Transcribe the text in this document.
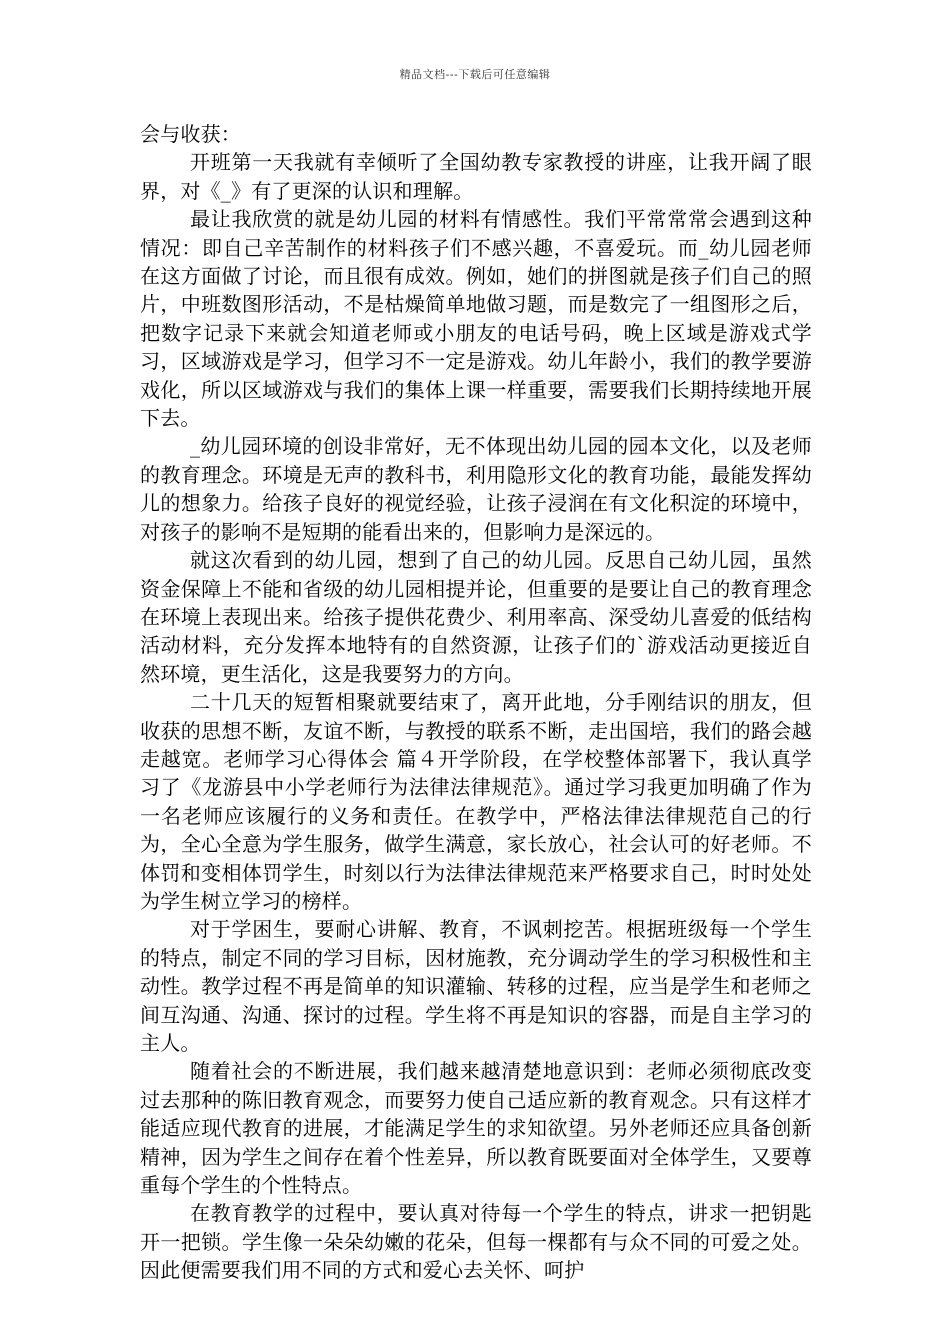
精品文档---下载后可任意编辑

会与收获：

开班第一天我就有幸倾听了全国幼教专家教授的讲座，让我开阔了眼界，对《_》有了更深的认识和理解。

最让我欣赏的就是幼儿园的材料有情感性。我们平常常常会遇到这种情况：即自己辛苦制作的材料孩子们不感兴趣，不喜爱玩。而_幼儿园老师在这方面做了讨论，而且很有成效。例如，她们的拼图就是孩子们自己的照片，中班数图形活动，不是枯燥简单地做习题，而是数完了一组图形之后，把数字记录下来就会知道老师或小朋友的电话号码，晚上区域是游戏式学习，区域游戏是学习，但学习不一定是游戏。幼儿年龄小，我们的教学要游戏化，所以区域游戏与我们的集体上课一样重要，需要我们长期持续地开展下去。

_幼儿园环境的创设非常好，无不体现出幼儿园的园本文化，以及老师的教育理念。环境是无声的教科书，利用隐形文化的教育功能，最能发挥幼儿的想象力。给孩子良好的视觉经验，让孩子浸润在有文化积淀的环境中，对孩子的影响不是短期的能看出来的，但影响力是深远的。

就这次看到的幼儿园，想到了自己的幼儿园。反思自己幼儿园，虽然资金保障上不能和省级的幼儿园相提并论，但重要的是要让自己的教育理念在环境上表现出来。给孩子提供花费少、利用率高、深受幼儿喜爱的低结构活动材料，充分发挥本地特有的自然资源，让孩子们的`游戏活动更接近自然环境，更生活化，这是我要努力的方向。

二十几天的短暂相聚就要结束了，离开此地，分手刚结识的朋友，但收获的思想不断，友谊不断，与教授的联系不断，走出国培，我们的路会越走越宽。老师学习心得体会 篇４开学阶段，在学校整体部署下，我认真学习了《龙游县中小学老师行为法律法律规范》。通过学习我更加明确了作为一名老师应该履行的义务和责任。在教学中，严格法律法律规范自己的行为，全心全意为学生服务，做学生满意，家长放心，社会认可的好老师。不体罚和变相体罚学生，时刻以行为法律法律规范来严格要求自己，时时处处为学生树立学习的榜样。

对于学困生，要耐心讲解、教育，不讽刺挖苦。根据班级每一个学生的特点，制定不同的学习目标，因材施教，充分调动学生的学习积极性和主动性。教学过程不再是简单的知识灌输、转移的过程，应当是学生和老师之间互沟通、沟通、探讨的过程。学生将不再是知识的容器，而是自主学习的主人。

随着社会的不断进展，我们越来越清楚地意识到：老师必须彻底改变过去那种的陈旧教育观念，而要努力使自己适应新的教育观念。只有这样才能适应现代教育的进展，才能满足学生的求知欲望。另外老师还应具备创新精神，因为学生之间存在着个性差异，所以教育既要面对全体学生，又要尊重每个学生的个性特点。

在教育教学的过程中，要认真对待每一个学生的特点，讲求一把钥匙开一把锁。学生像一朵朵幼嫩的花朵，但每一棵都有与众不同的可爱之处。因此便需要我们用不同的方式和爱心去关怀、呵护
